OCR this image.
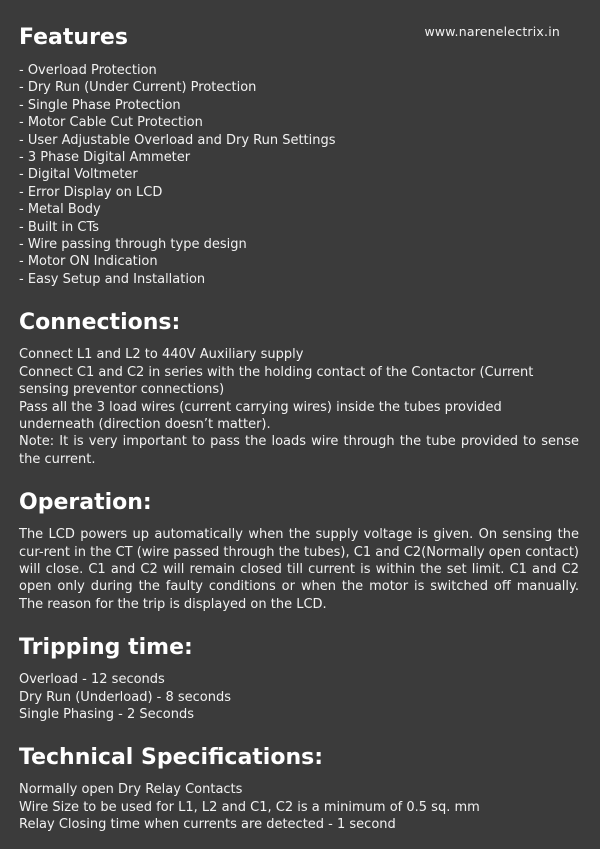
www.narenelectrix.in
Features
- Overload Protection
- Dry Run (Under Current) Protection
- Single Phase Protection
- Motor Cable Cut Protection
- User Adjustable Overload and Dry Run Settings
- 3 Phase Digital Ammeter
- Digital Voltmeter
- Error Display on LCD
- Metal Body
- Built in CTs
- Wire passing through type design
- Motor ON Indication
- Easy Setup and Installation
Connections:
Connect L1 and L2 to 440V Auxiliary supply
Connect C1 and C2 in series with the holding contact of the Contactor (Current sensing preventor connections)
Pass all the 3 load wires (current carrying wires) inside the tubes provided underneath (direction doesn’t matter).
Note: It is very important to pass the loads wire through the tube provided to sense the current.
Operation:

The LCD powers up automatically when the supply voltage is given. On sensing the cur-rent in the CT (wire passed through the tubes), C1 and C2(Normally open contact) will close. C1 and C2 will remain closed till current is within the set limit. C1 and C2 open only during the faulty conditions or when the motor is switched off manually. The reason for the trip is displayed on the LCD.

Tripping time:
Overload - 12 seconds
Dry Run (Underload) - 8 seconds
Single Phasing - 2 Seconds
Technical Specifications:
Normally open Dry Relay Contacts
Wire Size to be used for L1, L2 and C1, C2 is a minimum of 0.5 sq. mm
Relay Closing time when currents are detected - 1 second
